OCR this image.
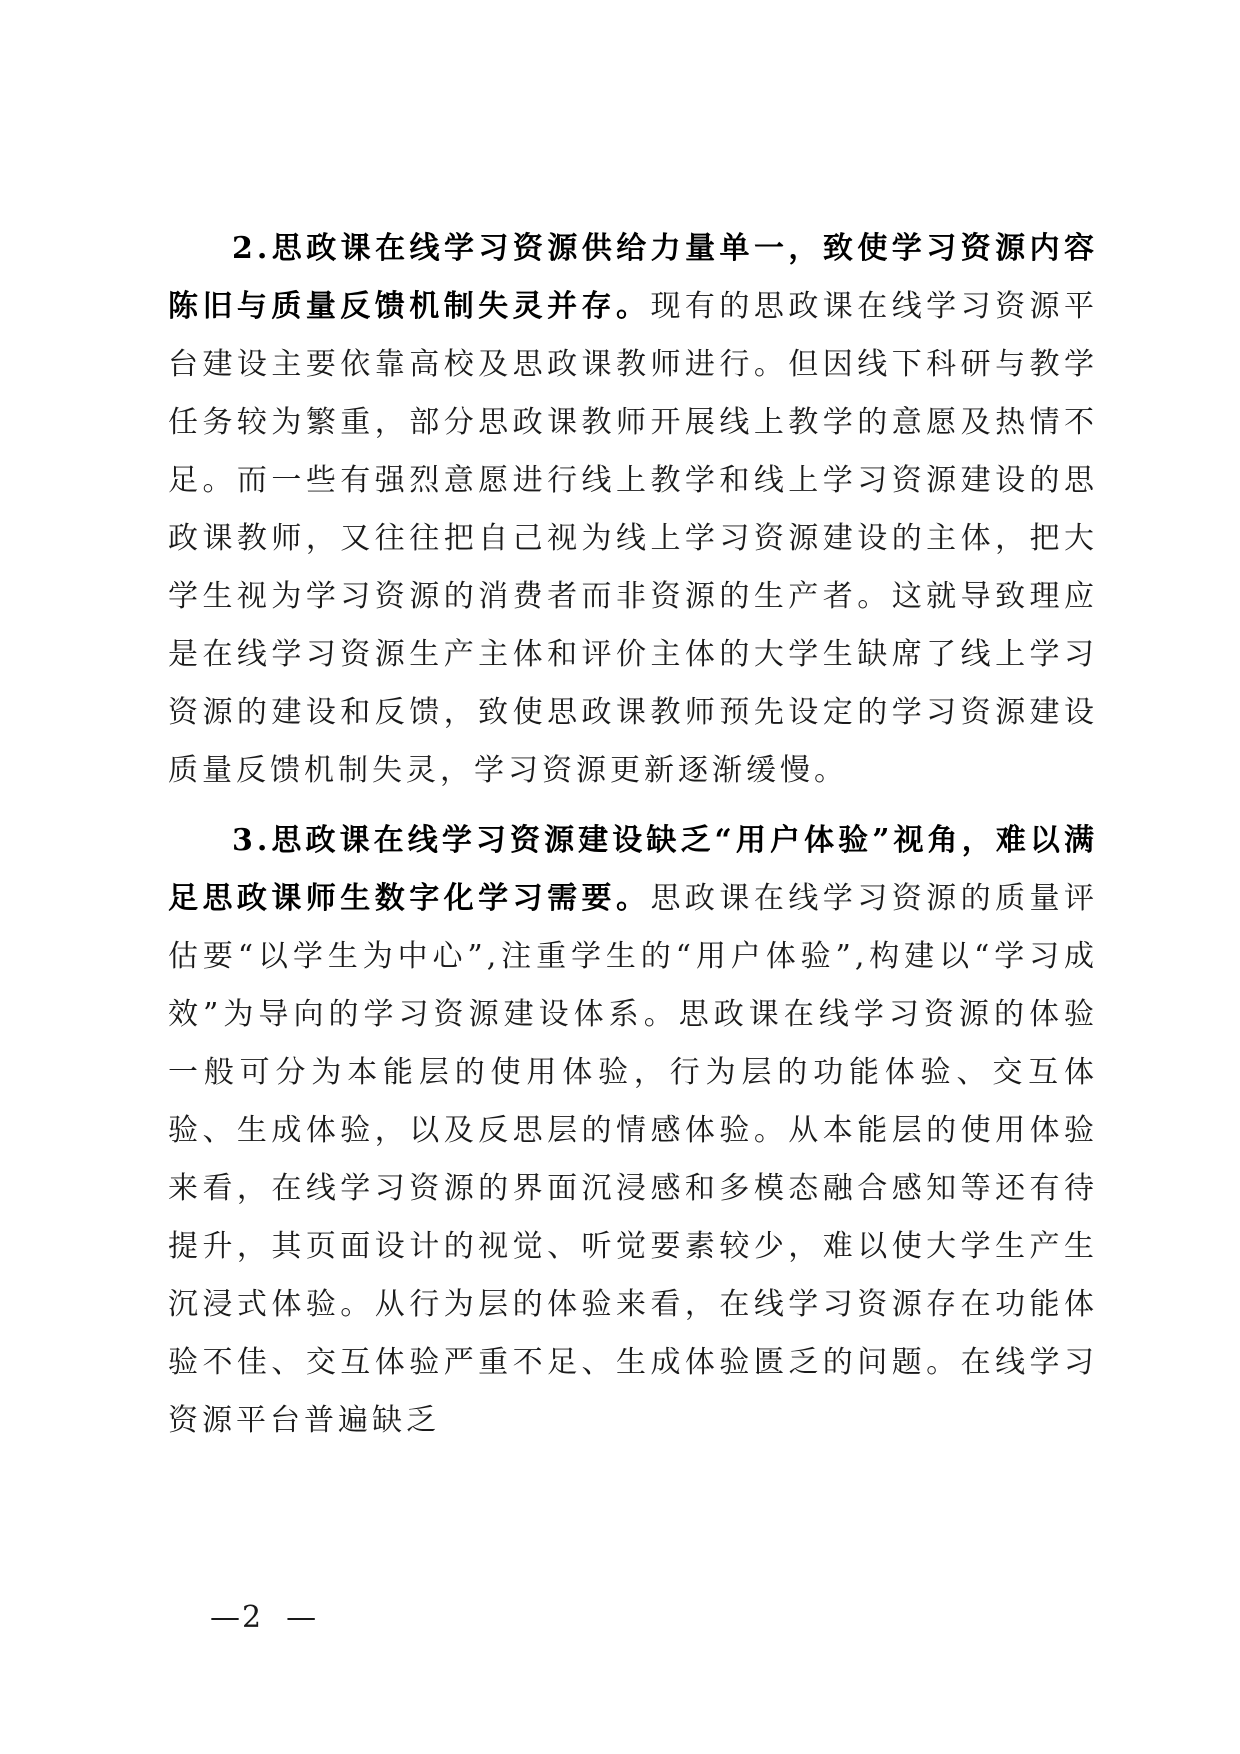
2.思政课在线学习资源供给力量单一，致使学习资源内容陈旧与质量反馈机制失灵并存。现有的思政课在线学习资源平台建设主要依靠高校及思政课教师进行。但因线下科研与教学任务较为繁重，部分思政课教师开展线上教学的意愿及热情不足。而一些有强烈意愿进行线上教学和线上学习资源建设的思政课教师，又往往把自己视为线上学习资源建设的主体，把大学生视为学习资源的消费者而非资源的生产者。这就导致理应是在线学习资源生产主体和评价主体的大学生缺席了线上学习资源的建设和反馈，致使思政课教师预先设定的学习资源建设质量反馈机制失灵，学习资源更新逐渐缓慢。

3.思政课在线学习资源建设缺乏“用户体验”视角，难以满足思政课师生数字化学习需要。思政课在线学习资源的质量评估要“以学生为中心”,注重学生的“用户体验”,构建以“学习成效”为导向的学习资源建设体系。思政课在线学习资源的体验一般可分为本能层的使用体验，行为层的功能体验、交互体验、生成体验，以及反思层的情感体验。从本能层的使用体验来看，在线学习资源的界面沉浸感和多模态融合感知等还有待提升，其页面设计的视觉、听觉要素较少，难以使大学生产生沉浸式体验。从行为层的体验来看，在线学习资源存在功能体验不佳、交互体验严重不足、生成体验匮乏的问题。在线学习资源平台普遍缺乏

—2  —
